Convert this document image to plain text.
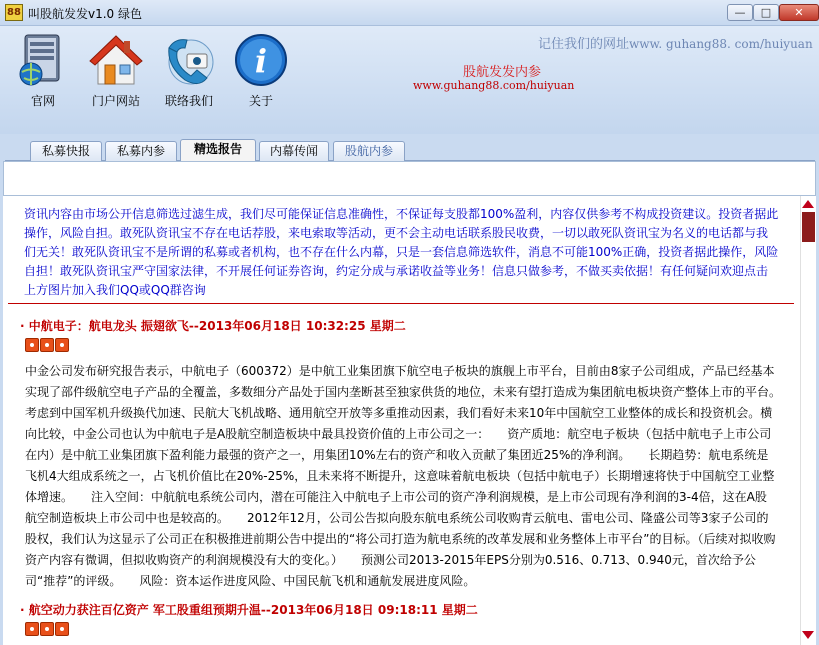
88 叫股航发发v1.0 绿色	—	□	✕
官网	门户网站	联络我们
i
关于
记住我们的网址www. guhang88. com/huiyuan
股航发发内参
www.guhang88.com/huiyuan
私募快报	私募内参	精选报告	内幕传闻	股航内参
资讯内容由市场公开信息筛选过滤生成，我们尽可能保证信息准确性，不保证每支股都100%盈利，内容仅供参考不构成投资建议。投资者据此操作，风险自担。敢死队资讯宝不存在电话荐股，来电索取等活动，更不会主动电话联系股民收费，一切以敢死队资讯宝为名义的电话都与我们无关！敢死队资讯宝不是所谓的私募或者机构，也不存在什么内幕，只是一套信息筛选软件，消息不可能100%正确，投资者据此操作，风险自担！敢死队资讯宝严守国家法律，不开展任何证券咨询，约定分成与承诺收益等业务！信息只做参考，不做买卖依据！有任何疑问欢迎点击上方图片加入我们QQ或QQ群咨询
· 中航电子：航电龙头 振翅欲飞--2013年06月18日 10:32:25 星期二
中金公司发布研究报告表示，中航电子（600372）是中航工业集团旗下航空电子板块的旗舰上市平台，目前由8家子公司组成，产品已经基本实现了部件级航空电子产品的全覆盖，多数细分产品处于国内垄断甚至独家供货的地位，未来有望打造成为集团航电板块资产整体上市的平台。　　考虑到中国军机升级换代加速、民航大飞机战略、通用航空开放等多重推动因素，我们看好未来10年中国航空工业整体的成长和投资机会。横向比较，中金公司也认为中航电子是A股航空制造板块中最具投资价值的上市公司之一：　　资产质地：航空电子板块（包括中航电子上市公司在内）是中航工业集团旗下盈利能力最强的资产之一，用集团10%左右的资产和收入贡献了集团近25%的净利润。　　长期趋势：航电系统是飞机4大组成系统之一，占飞机价值比在20%-25%，且未来将不断提升，这意味着航电板块（包括中航电子）长期增速将快于中国航空工业整体增速。　　注入空间：中航航电系统公司内，潜在可能注入中航电子上市公司的资产净利润规模，是上市公司现有净利润的3-4倍，这在A股航空制造板块上市公司中也是较高的。　　2012年12月，公司公告拟向股东航电系统公司收购青云航电、雷电公司、隆盛公司等3家子公司的股权，我们认为这显示了公司正在积极推进前期公告中提出的“将公司打造为航电系统的改革发展和业务整体上市平台”的目标。（后续对拟收购资产内容有微调，但拟收购资产的利润规模没有大的变化。）　　预测公司2013-2015年EPS分别为0.516、0.713、0.940元，首次给予公司“推荐”的评级。　　风险：资本运作进度风险、中国民航飞机和通航发展进度风险。
· 航空动力获注百亿资产 军工股重组预期升温--2013年06月18日 09:18:11 星期二
